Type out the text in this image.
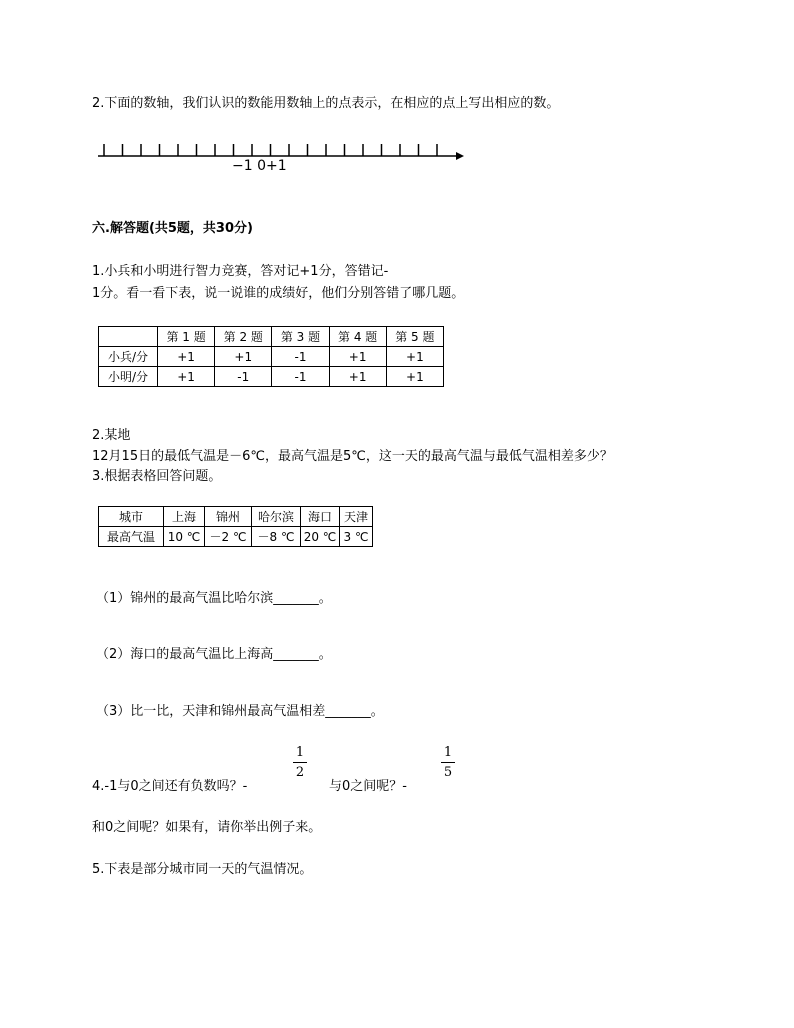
2.下面的数轴，我们认识的数能用数轴上的点表示，在相应的点上写出相应的数。
−1 0+1
六.解答题(共5题，共30分)
1.小兵和小明进行智力竞赛，答对记+1分，答错记-
1分。看一看下表，说一说谁的成绩好，他们分别答错了哪几题。
	第 1 题	第 2 题	第 3 题	第 4 题	第 5 题
小兵/分	+1	+1	-1	+1	+1
小明/分	+1	-1	-1	+1	+1
2.某地
12月15日的最低气温是－6℃，最高气温是5℃，这一天的最高气温与最低气温相差多少？
3.根据表格回答问题。
城市	上海	锦州	哈尔滨	海口	天津
最高气温	10 ℃	－2 ℃	－8 ℃	20 ℃	3 ℃
（1）锦州的最高气温比哈尔滨_______。
（2）海口的最高气温比上海高_______。
（3）比一比，天津和锦州最高气温相差_______。
4.-1与0之间还有负数吗？-
1
2
与0之间呢？-
1
5
和0之间呢？如果有，请你举出例子来。
5.下表是部分城市同一天的气温情况。
